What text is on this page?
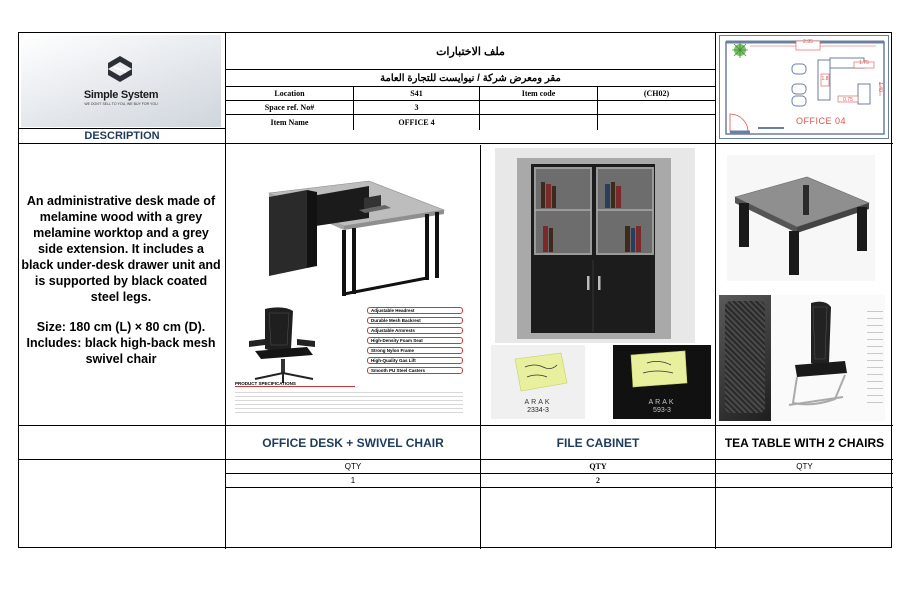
Simple System
WE DON'T SELL TO YOU, WE BUY FOR YOU
DESCRIPTION
ملف الاختبارات
مقر ومعرض شركة / نيوايست للتجارة العامة
Location	S41	Item code	(CH02)
Space ref. No#	3
Item Name	OFFICE 4
2.95
1.75
1.8
1.40
0.75
OFFICE 04
An administrative desk made of melamine wood with a grey melamine worktop and a grey side extension. It includes a black under-desk drawer unit and is supported by black coated steel legs.
Size: 180 cm (L) × 80 cm (D). Includes: black high-back mesh swivel chair
Adjustable Headrest
Durable Mesh Backrest
Adjustable Armrests
High-Density Foam Seat
Strong Nylon Frame
High-Quality Gas Lift
Smooth PU Steel Casters
PRODUCT SPECIFICATIONS
ARAK
2334-3
ARAK
593-3
OFFICE DESK + SWIVEL CHAIR	FILE CABINET	TEA TABLE WITH 2 CHAIRS
QTY	QTY	QTY
1	2
